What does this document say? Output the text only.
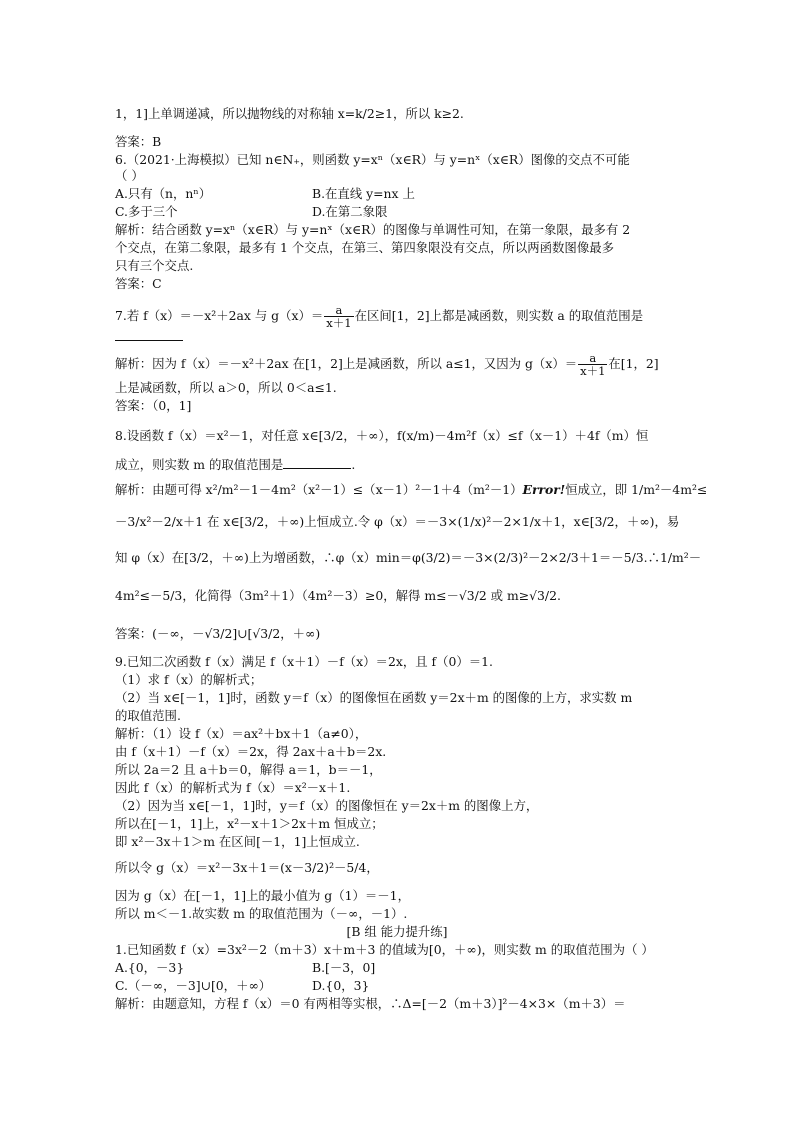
1，1]上单调递减，所以抛物线的对称轴 x=k/2≥1，所以 k≥2.
答案：B
6.（2021·上海模拟）已知 n∈N₊，则函数 y=xⁿ（x∈R）与 y=nˣ（x∈R）图像的交点不可能
（ ）
A.只有（n，nⁿ）	B.在直线 y=nx 上
C.多于三个	D.在第二象限
解析：结合函数 y=xⁿ（x∈R）与 y=nˣ（x∈R）的图像与单调性可知，在第一象限，最多有 2
个交点，在第二象限，最多有 1 个交点，在第三、第四象限没有交点，所以两函数图像最多
只有三个交点.
答案：C
7.若 f（x）＝－x²＋2ax 与 $g(x)= \frac{a}{x+1}$ 在区间[1，2]上都是减函数，则实数 a 的取值范围是
解析：因为 f（x）＝－x²＋2ax 在[1，2]上是减函数，所以 a≤1，又因为 $g(x)= \frac{a}{x+1}$ 在[1，2]
上是减函数，所以 a＞0，所以 0＜a≤1.
答案：（0，1]
8.设函数 f（x）＝x²－1，对任意 x∈[3/2，＋∞），f(x/m)－4m²f（x）≤f（x－1）＋4f（m）恒
成立，则实数 m 的取值范围是	.
解析：由题可得 x²/m²－1－4m²（x²－1）≤（x－1）²－1＋4（m²－1）Error!恒成立，即 1/m²－4m²≤
－3/x²－2/x＋1 在 x∈[3/2，＋∞)上恒成立.令 φ（x）＝－3×(1/x)²－2×1/x＋1，x∈[3/2，＋∞)，易
知 φ（x）在[3/2，＋∞)上为增函数，∴φ（x）min＝φ(3/2)＝－3×(2/3)²－2×2/3＋1＝－5/3.∴1/m²－
4m²≤－5/3，化简得（3m²＋1）（4m²－3）≥0，解得 m≤－√3/2 或 m≥√3/2.
答案：(－∞，－√3/2]∪[√3/2，＋∞)
9.已知二次函数 f（x）满足 f（x＋1）－f（x）＝2x，且 f（0）＝1.
（1）求 f（x）的解析式；
（2）当 x∈[－1，1]时，函数 y＝f（x）的图像恒在函数 y＝2x＋m 的图像的上方，求实数 m
的取值范围.
解析：（1）设 f（x）＝ax²＋bx＋1（a≠0），
由 f（x＋1）－f（x）＝2x，得 2ax＋a＋b＝2x.
所以 2a＝2 且 a＋b＝0，解得 a＝1，b＝－1，
因此 f（x）的解析式为 f（x）＝x²－x＋1.
（2）因为当 x∈[－1，1]时，y＝f（x）的图像恒在 y＝2x＋m 的图像上方，
所以在[－1，1]上，x²－x＋1＞2x＋m 恒成立；
即 x²－3x＋1＞m 在区间[－1，1]上恒成立.
所以令 g（x）＝x²－3x＋1＝(x－3/2)²－5/4，
因为 g（x）在[－1，1]上的最小值为 g（1）＝－1，
所以 m＜－1.故实数 m 的取值范围为（－∞，－1）.
[B 组 能力提升练]
1.已知函数 f（x）=3x²－2（m＋3）x＋m＋3 的值域为[0，＋∞)，则实数 m 的取值范围为（ ）
A.{0，－3}	B.[－3，0]
C.（－∞，－3]∪[0，＋∞）	D.{0，3}
解析：由题意知，方程 f（x）＝0 有两相等实根，∴Δ=[－2（m＋3）]²－4×3×（m＋3）＝
